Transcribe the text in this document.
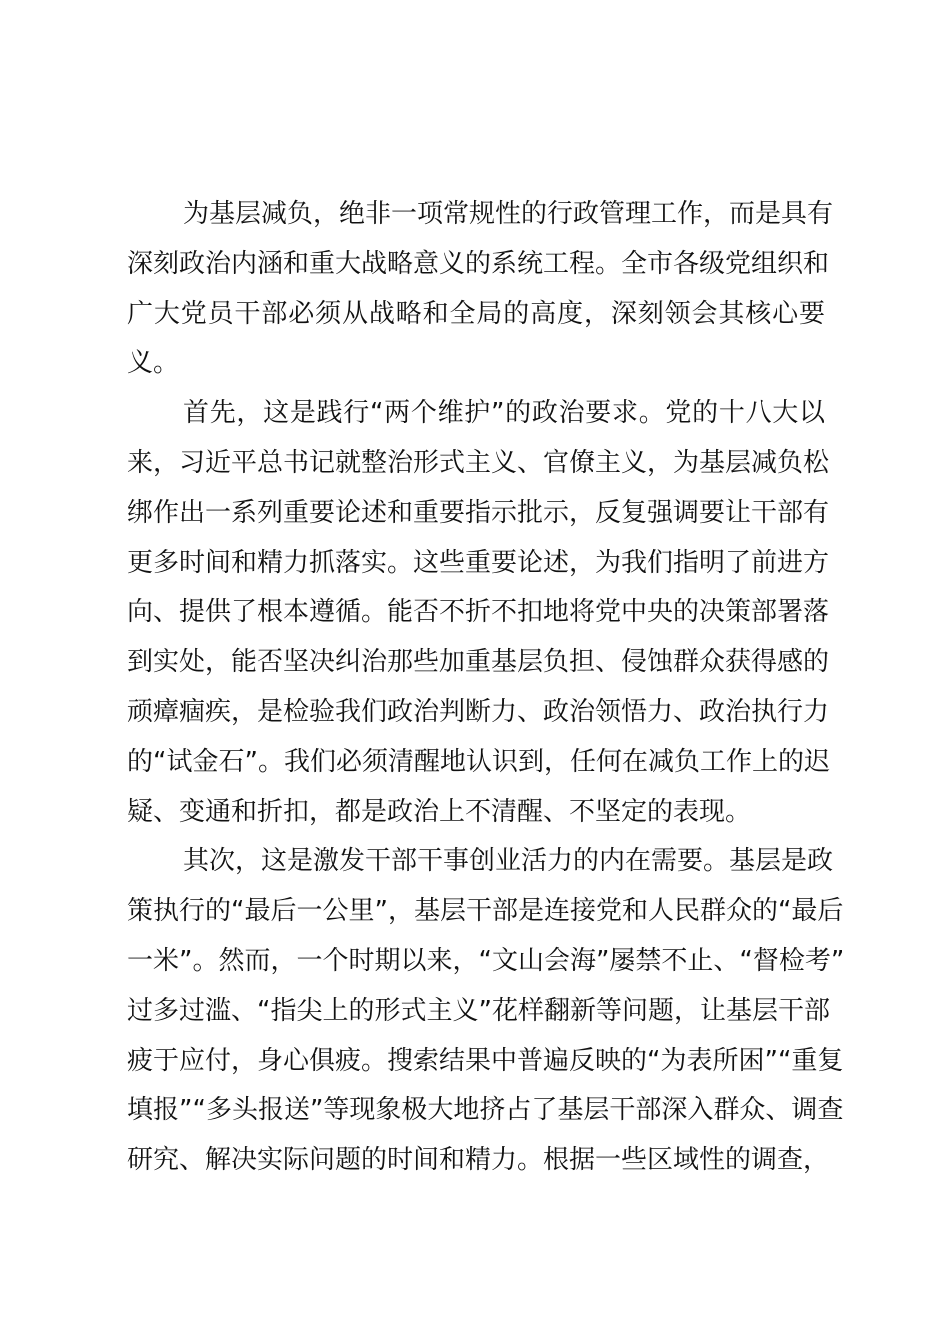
为基层减负，绝非一项常规性的行政管理工作，而是具有
深刻政治内涵和重大战略意义的系统工程。全市各级党组织和
广大党员干部必须从战略和全局的高度，深刻领会其核心要
义。
首先，这是践行“两个维护”的政治要求。党的十八大以
来，习近平总书记就整治形式主义、官僚主义，为基层减负松
绑作出一系列重要论述和重要指示批示，反复强调要让干部有
更多时间和精力抓落实。这些重要论述，为我们指明了前进方
向、提供了根本遵循。能否不折不扣地将党中央的决策部署落
到实处，能否坚决纠治那些加重基层负担、侵蚀群众获得感的
顽瘴痼疾，是检验我们政治判断力、政治领悟力、政治执行力
的“试金石”。我们必须清醒地认识到，任何在减负工作上的迟
疑、变通和折扣，都是政治上不清醒、不坚定的表现。
其次，这是激发干部干事创业活力的内在需要。基层是政
策执行的“最后一公里”，基层干部是连接党和人民群众的“最后
一米”。然而，一个时期以来，“文山会海”屡禁不止、“督检考”
过多过滥、“指尖上的形式主义”花样翻新等问题，让基层干部
疲于应付，身心俱疲。搜索结果中普遍反映的“为表所困”“重复
填报”“多头报送”等现象极大地挤占了基层干部深入群众、调查
研究、解决实际问题的时间和精力。根据一些区域性的调查，
